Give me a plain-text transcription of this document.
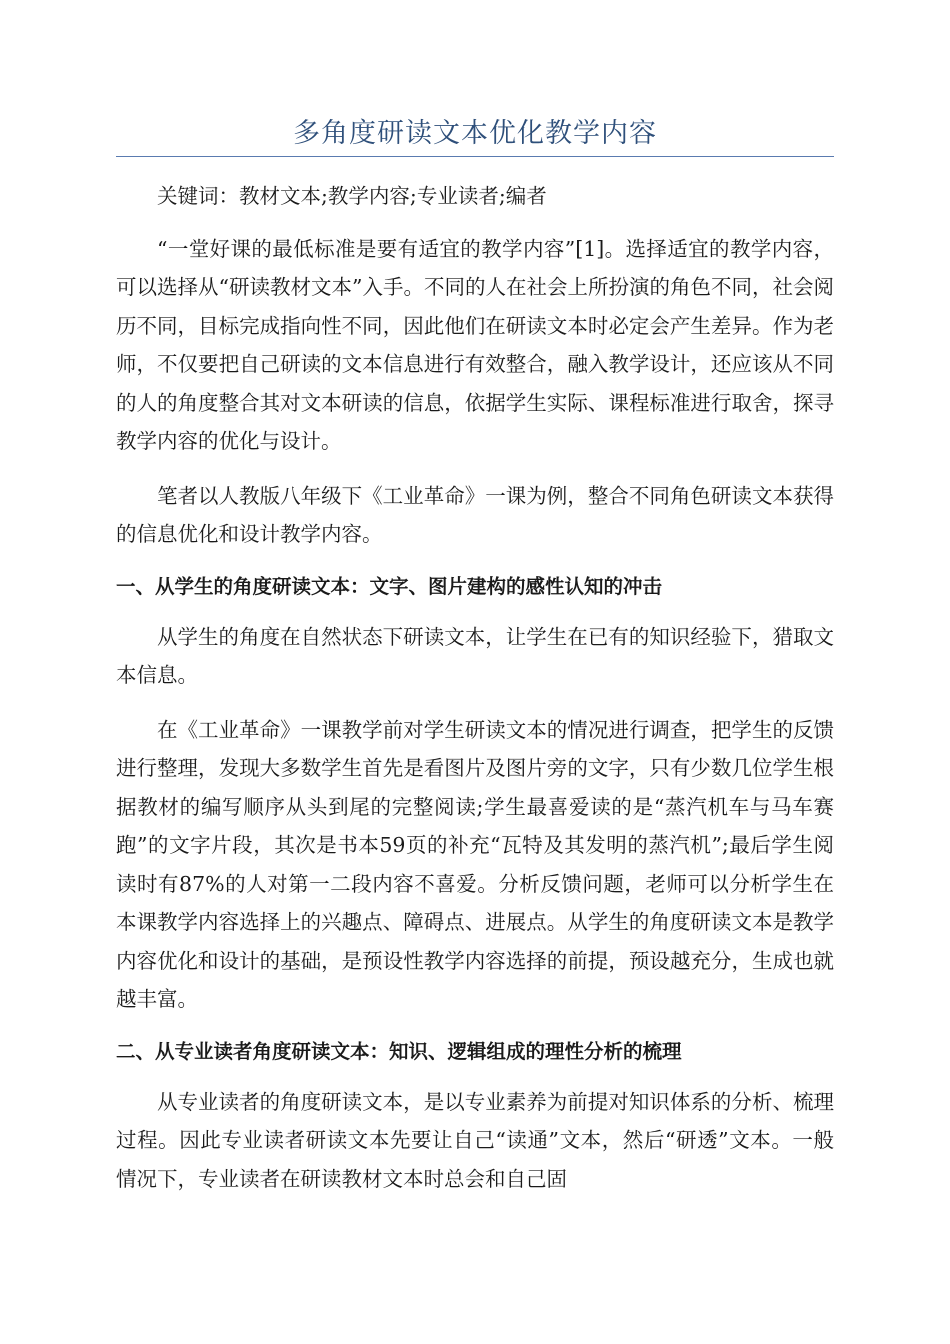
多角度研读文本优化教学内容

关键词：教材文本;教学内容;专业读者;编者

“一堂好课的最低标准是要有适宜的教学内容”[1]。选择适宜的教学内容，可以选择从“研读教材文本”入手。不同的人在社会上所扮演的角色不同，社会阅历不同，目标完成指向性不同，因此他们在研读文本时必定会产生差异。作为老师，不仅要把自己研读的文本信息进行有效整合，融入教学设计，还应该从不同的人的角度整合其对文本研读的信息，依据学生实际、课程标准进行取舍，探寻教学内容的优化与设计。

笔者以人教版八年级下《工业革命》一课为例，整合不同角色研读文本获得的信息优化和设计教学内容。

一、从学生的角度研读文本：文字、图片建构的感性认知的冲击

从学生的角度在自然状态下研读文本，让学生在已有的知识经验下，猎取文本信息。

在《工业革命》一课教学前对学生研读文本的情况进行调查，把学生的反馈进行整理，发现大多数学生首先是看图片及图片旁的文字，只有少数几位学生根据教材的编写顺序从头到尾的完整阅读;学生最喜爱读的是“蒸汽机车与马车赛跑”的文字片段，其次是书本59页的补充“瓦特及其发明的蒸汽机”;最后学生阅读时有87%的人对第一二段内容不喜爱。分析反馈问题，老师可以分析学生在本课教学内容选择上的兴趣点、障碍点、进展点。从学生的角度研读文本是教学内容优化和设计的基础，是预设性教学内容选择的前提，预设越充分，生成也就越丰富。

二、从专业读者角度研读文本：知识、逻辑组成的理性分析的梳理

从专业读者的角度研读文本，是以专业素养为前提对知识体系的分析、梳理过程。因此专业读者研读文本先要让自己“读通”文本，然后“研透”文本。一般情况下，专业读者在研读教材文本时总会和自己固
